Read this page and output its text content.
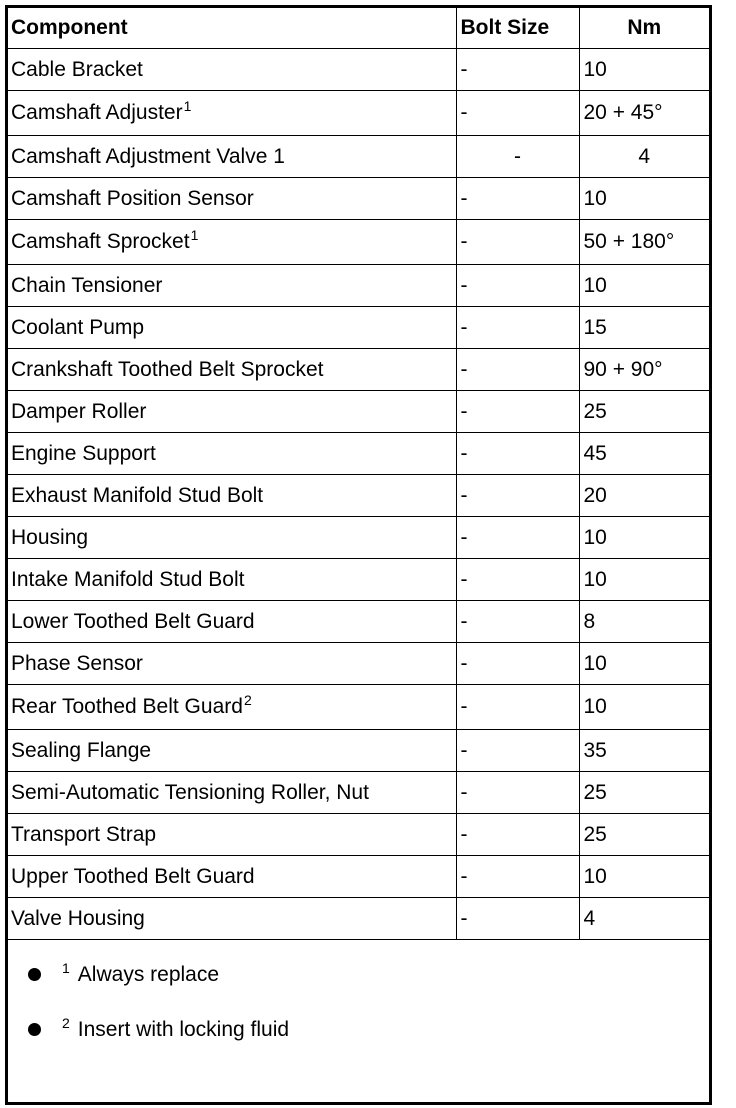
Component	Bolt Size	Nm
Cable Bracket	-	10
Camshaft Adjuster$^1$	-	20 + 45°
Camshaft Adjustment Valve 1	-	4
Camshaft Position Sensor	-	10
Camshaft Sprocket$^1$	-	50 + 180°
Chain Tensioner	-	10
Coolant Pump	-	15
Crankshaft Toothed Belt Sprocket	-	90 + 90°
Damper Roller	-	25
Engine Support	-	45
Exhaust Manifold Stud Bolt	-	20
Housing	-	10
Intake Manifold Stud Bolt	-	10
Lower Toothed Belt Guard	-	8
Phase Sensor	-	10
Rear Toothed Belt Guard$^2$	-	10
Sealing Flange	-	35
Semi-Automatic Tensioning Roller, Nut	-	25
Transport Strap	-	25
Upper Toothed Belt Guard	-	10
Valve Housing	-	4
$^1$ Always replace
$^2$ Insert with locking fluid
